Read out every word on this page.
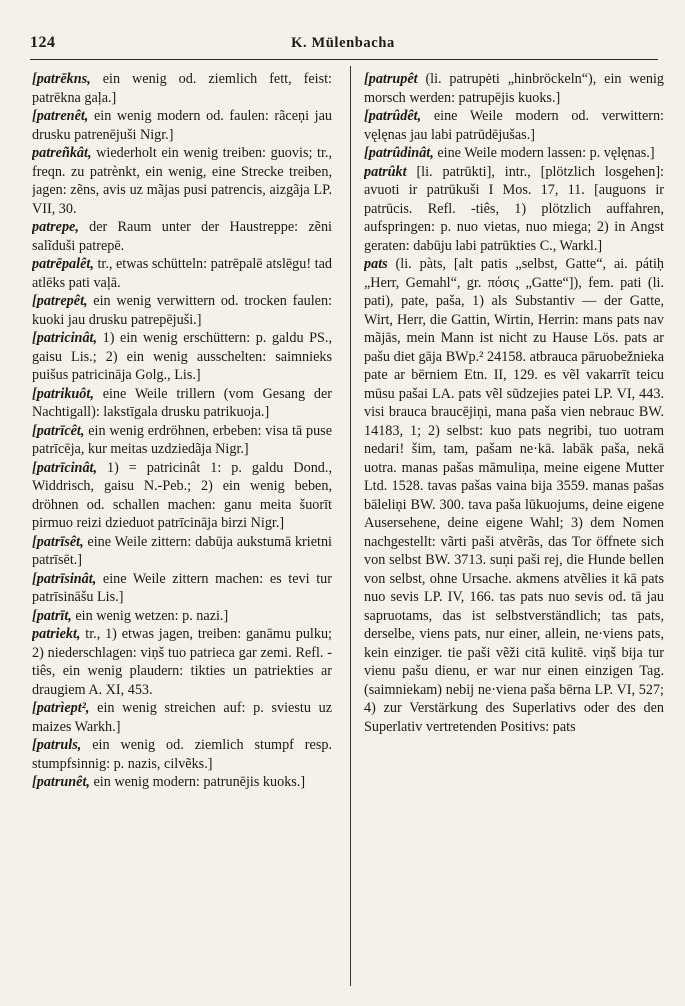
124	K. Mülenbacha

[patrēkns, ein wenig od. ziemlich fett, feist: patrēkna gaļa.]

[patrenêt, ein wenig modern od. faulen: rãceņi jau drusku patrenējuši Nigr.]

patreñkât, wiederholt ein wenig treiben: guovis; tr., freqn. zu patrènkt, ein wenig, eine Strecke treiben, jagen: zẽns, avis uz mãjas pusi patrencis, aizgãja LP. VII, 30.

patrepe, der Raum unter der Haustreppe: zẽni salĩduši patrepē.

patrēpalêt, tr., etwas schütteln: patrēpalē atslēgu! tad atlēks pati vaļā.

[patrepêt, ein wenig verwittern od. trocken faulen: kuoki jau drusku patrepējuši.]

[patricinât, 1) ein wenig erschüttern: p. galdu PS., gaisu Lis.; 2) ein wenig ausschelten: saimnieks puišus patricināja Golg., Lis.]

[patrikuôt, eine Weile trillern (vom Gesang der Nachtigall): lakstīgala drusku patrikuoja.]

[patrīcêt, ein wenig erdröhnen, erbeben: visa tā puse patrīcēja, kur meitas uzdziedãja Nigr.]

[patrīcinât, 1) = patricinât 1: p. galdu Dond., Widdrisch, gaisu N.-Peb.; 2) ein wenig beben, dröhnen od. schallen machen: ganu meita šuorīt pirmuo reizi dzieduot patrīcināja birzi Nigr.]

[patrīsêt, eine Weile zittern: dabūja aukstumā krietni patrīsēt.]

[patrīsinât, eine Weile zittern machen: es tevi tur patrīsināšu Lis.]

[patrīt, ein wenig wetzen: p. nazi.]

patriekt, tr., 1) etwas jagen, treiben: ganāmu pulku; 2) niederschlagen: viņš tuo patrieca gar zemi. Refl. -tiês, ein wenig plaudern: tikties un patriekties ar draugiem A. XI, 453.

[patrìept², ein wenig streichen auf: p. sviestu uz maizes Warkh.]

[patruls, ein wenig od. ziemlich stumpf resp. stumpfsinnig: p. nazis, cilvẽks.]

[patrunêt, ein wenig modern: patrunējis kuoks.]

[patrupêt (li. patrupėti „hinbröckeln“), ein wenig morsch werden: patrupējis kuoks.]

[patrûdêt, eine Weile modern od. verwittern: vęlęnas jau labi patrūdējušas.]

[patrûdinât, eine Weile modern lassen: p. vęlęnas.]

patrûkt [li. patrūkti], intr., [plötzlich losgehen]: avuoti ir patrūkuši I Mos. 17, 11. [auguons ir patrūcis. Refl. -tiês, 1) plötzlich auffahren, aufspringen: p. nuo vietas, nuo miega; 2) in Angst geraten: dabūju labi patrūkties C., Warkl.]

pats (li. pàts, [alt patis „selbst, Gatte“, ai. pátiḥ „Herr, Gemahl“, gr. πόσις „Gatte“]), fem. pati (li. pati), pate, paša, 1) als Substantiv — der Gatte, Wirt, Herr, die Gattin, Wirtin, Herrin: mans pats nav mãjās, mein Mann ist nicht zu Hause Lös. pats ar pašu diet gāja BWp.² 24158. atbrauca pāruobežnieka pate ar bērniem Etn. II, 129. es vẽl vakarrīt teicu mūsu pašai LA. pats vẽl sūdzejies patei LP. VI, 443. visi brauca braucējiņi, mana paša vien nebrauc BW. 14183, 1; 2) selbst: kuo pats negribi, tuo uotram nedari! šim, tam, pašam ne·kā. labāk paša, nekā uotra. manas pašas māmuliņa, meine eigene Mutter Ltd. 1528. tavas pašas vaina bija 3559. manas pašas bāleliņi BW. 300. tava paša lūkuojums, deine eigene Ausersehene, deine eigene Wahl; 3) dem Nomen nachgestellt: vãrti paši atvẽrãs, das Tor öffnete sich von selbst BW. 3713. suņi paši rej, die Hunde bellen von selbst, ohne Ursache. akmens atvẽlies it kā pats nuo sevis LP. IV, 166. tas pats nuo sevis od. tā jau sapruotams, das ist selbstverständlich; tas pats, derselbe, viens pats, nur einer, allein, ne·viens pats, kein einziger. tie paši vẽži citā kulitē. viņš bija tur vienu pašu dienu, er war nur einen einzigen Tag. (saimniekam) nebij ne·viena paša bērna LP. VI, 527; 4) zur Verstärkung des Superlativs oder des den Superlativ vertretenden Positivs: pats
